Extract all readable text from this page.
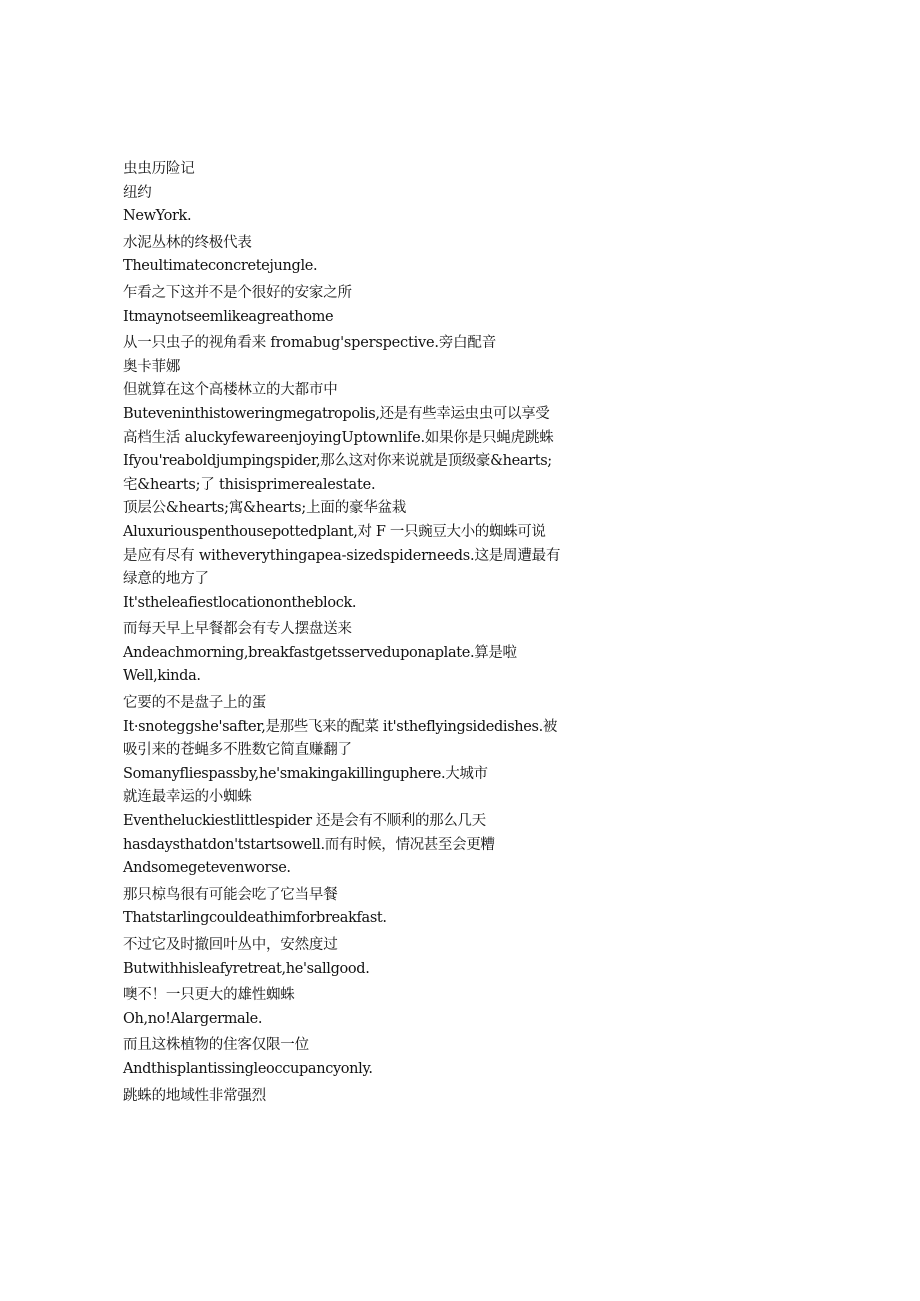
虫虫历险记
纽约
NewYork.
水泥丛林的终极代表
Theultimateconcretejungle.
乍看之下这并不是个很好的安家之所
Itmaynotseemlikeagreathome
从一只虫子的视角看来 fromabug'sperspective.旁白配音
奥卡菲娜
但就算在这个高楼林立的大都市中
Buteveninthistoweringmegatropolis,还是有些幸运虫虫可以享受
高档生活 aluckyfewareenjoyingUptownlife.如果你是只蝇虎跳蛛
Ifyou'reaboldjumpingspider,那么这对你来说就是顶级豪&hearts;
宅&hearts;了 thisisprimerealestate.
顶层公&hearts;寓&hearts;上面的豪华盆栽
Aluxuriouspenthousepottedplant,对 F 一只豌豆大小的蜘蛛可说
是应有尽有 witheverythingapea-sizedspiderneeds.这是周遭最有
绿意的地方了
It'stheleafiestlocationontheblock.
而每天早上早餐都会有专人摆盘送来
Andeachmorning,breakfastgetsserveduponaplate.算是啦
Well,kinda.
它要的不是盘子上的蛋
It·snoteggshe'safter,是那些飞来的配菜 it'stheflyingsidedishes.被
吸引来的苍蝇多不胜数它简直赚翻了
Somanyfliespassby,he'smakingakillinguphere.大城市
就连最幸运的小蜘蛛
Eventheluckiestlittlespider 还是会有不顺利的那么几天
hasdaysthatdon'tstartsowell.而有时候，情况甚至会更糟
Andsomegetevenworse.
那只椋鸟很有可能会吃了它当早餐
Thatstarlingcouldeathimforbreakfast.
不过它及时撤回叶丛中，安然度过
Butwithhisleafyretreat,he'sallgood.
噢不！一只更大的雄性蜘蛛
Oh,no!Alargermale.
而且这株植物的住客仅限一位
Andthisplantissingleoccupancyonly.
跳蛛的地域性非常强烈
